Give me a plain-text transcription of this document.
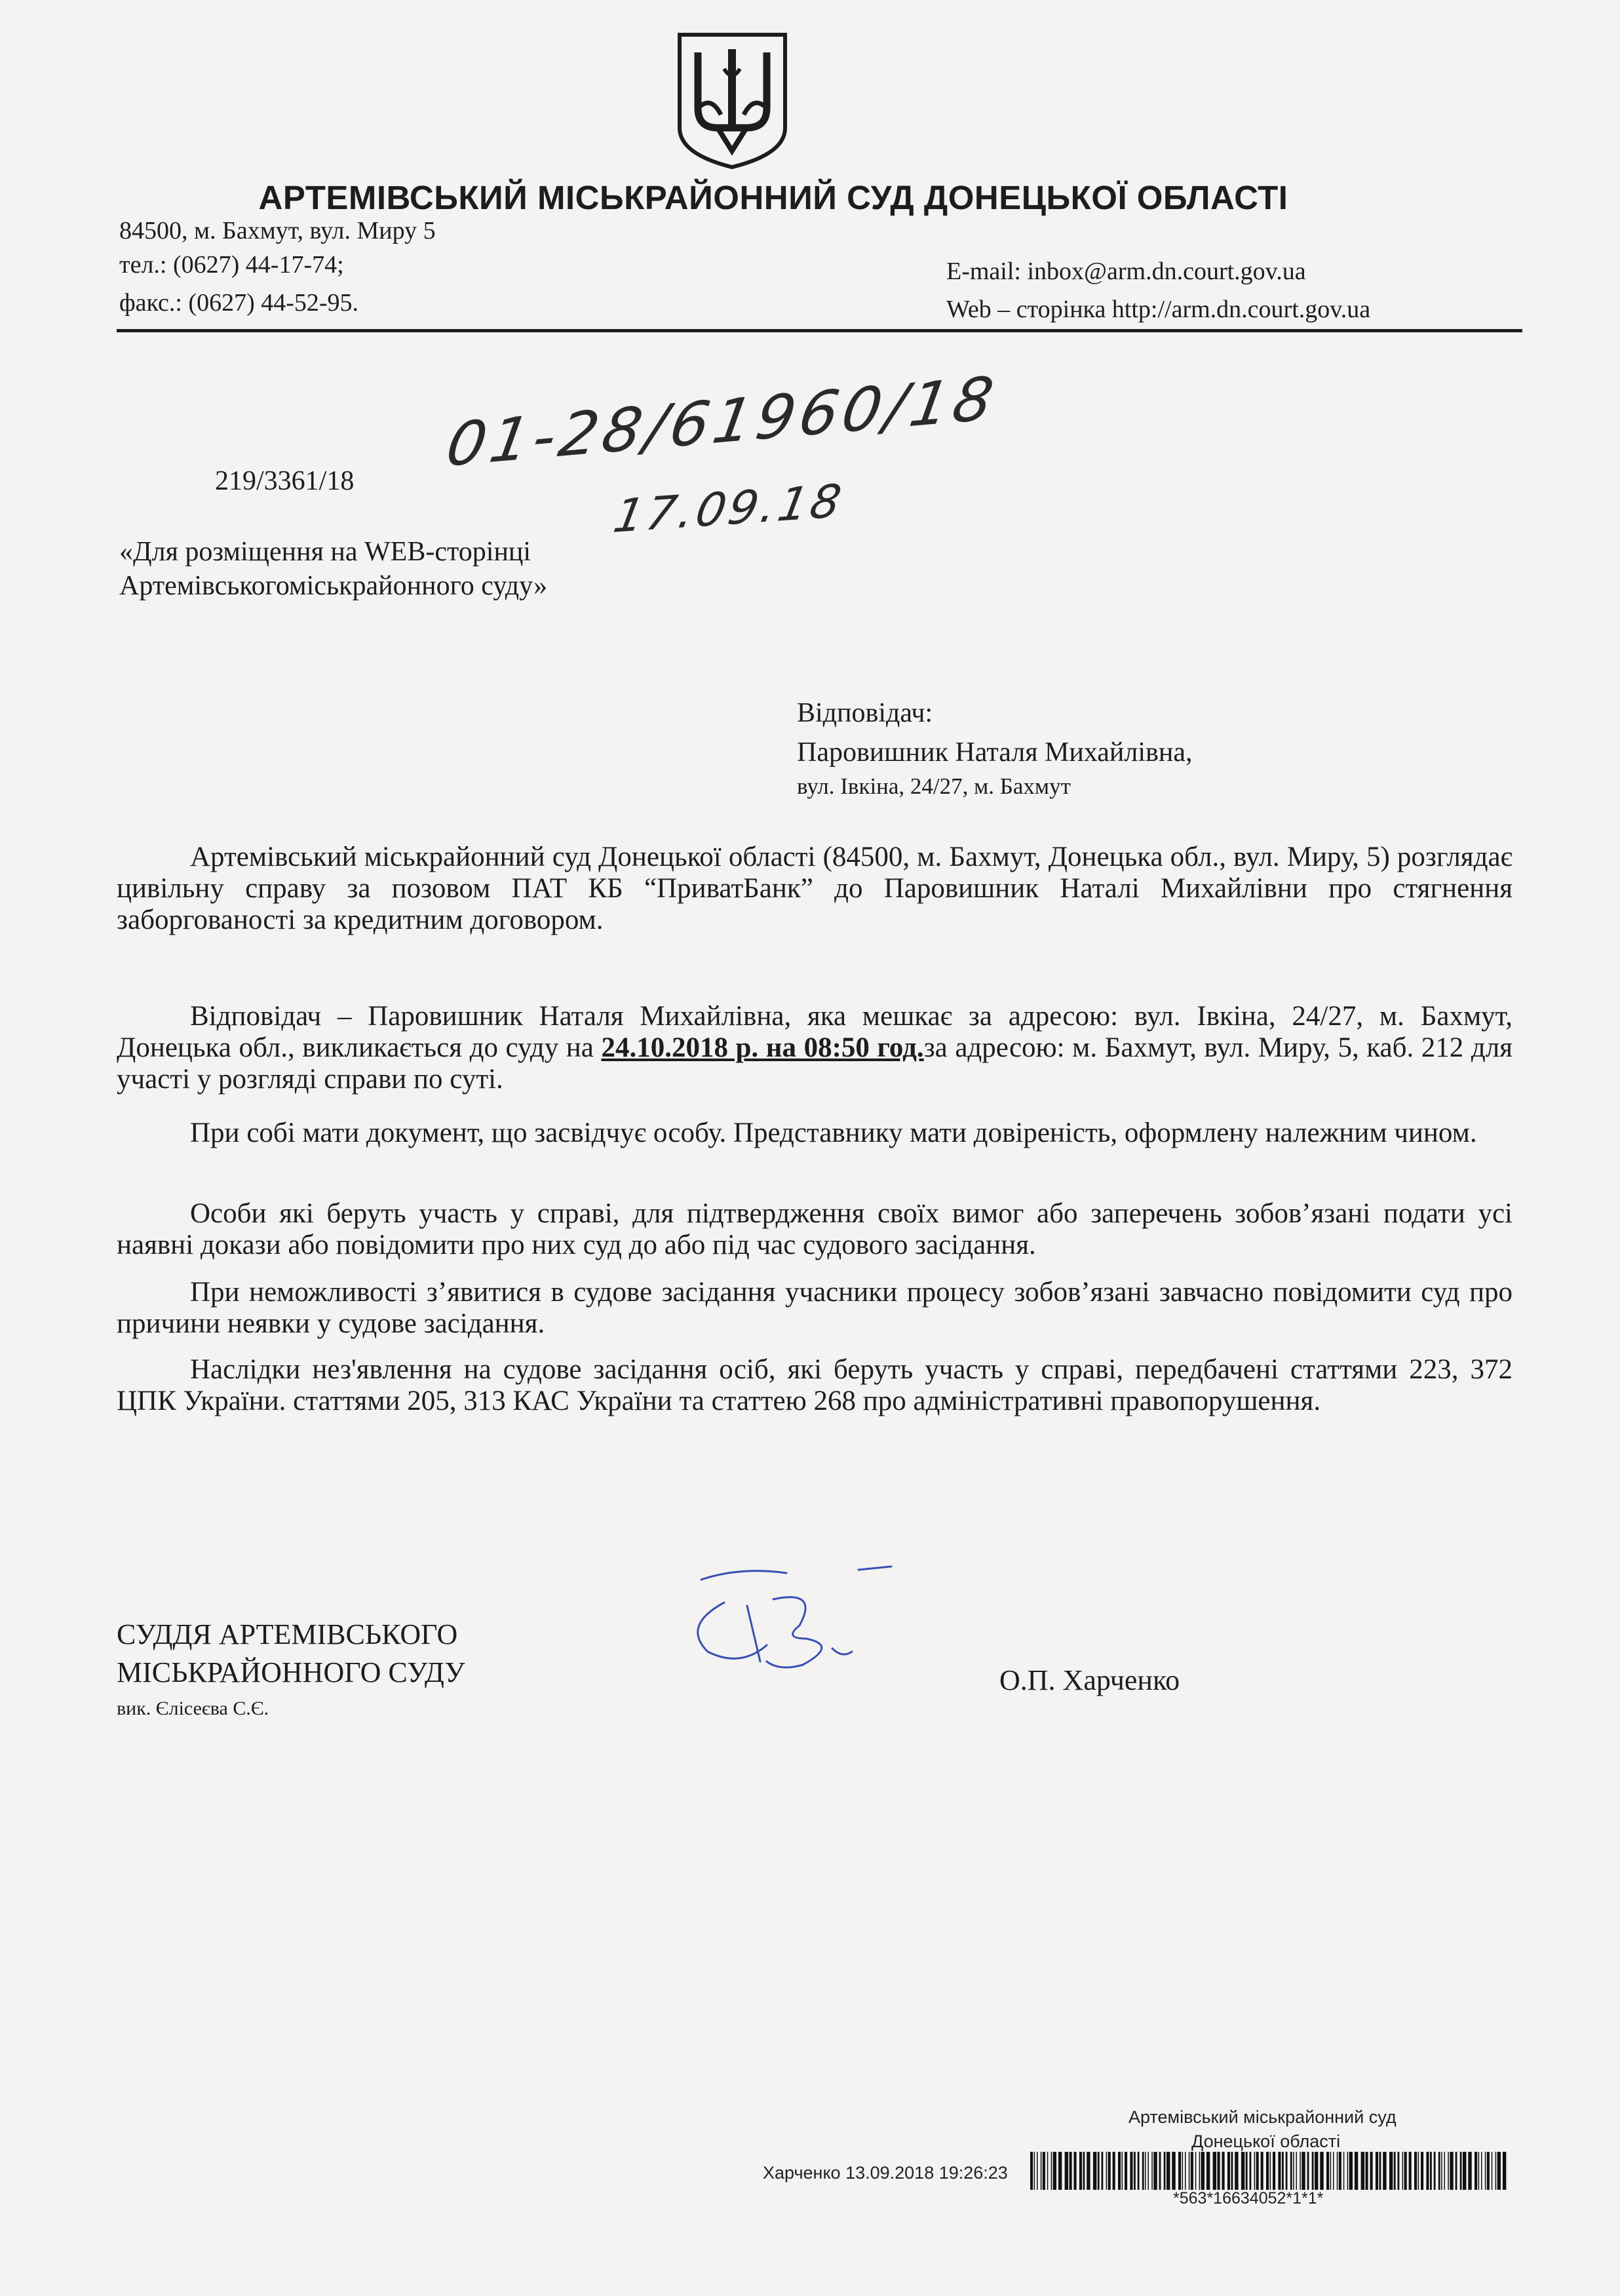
АРТЕМІВСЬКИЙ МІСЬКРАЙОННИЙ СУД ДОНЕЦЬКОЇ ОБЛАСТІ
84500, м. Бахмут, вул. Миру 5
тел.: (0627) 44-17-74;
факс.: (0627) 44-52-95.
E-mail: inbox@arm.dn.court.gov.ua
Web – сторінка http://arm.dn.court.gov.ua
01-28/61960/18
17.09.18
219/3361/18
«Для розміщення на WEB-сторінці
Артемівськогоміськрайонного суду»
Відповідач:
Паровишник Наталя Михайлівна,
вул. Івкіна, 24/27, м. Бахмут
Артемівський міськрайонний суд Донецької області (84500, м. Бахмут, Донецька обл., вул. Миру, 5) розглядає цивільну справу за позовом ПАТ КБ “ПриватБанк” до Паровишник Наталі Михайлівни про стягнення заборгованості за кредитним договором.
Відповідач – Паровишник Наталя Михайлівна, яка мешкає за адресою: вул. Івкіна, 24/27, м. Бахмут, Донецька обл., викликається до суду на 24.10.2018 р. на 08:50 год.за адресою: м. Бахмут, вул. Миру, 5, каб. 212 для участі у розгляді справи по суті.
При собі мати документ, що засвідчує особу. Представнику мати довіреність, оформлену належним чином.
Особи які беруть участь у справі, для підтвердження своїх вимог або заперечень зобов’язані подати усі наявні докази або повідомити про них суд до або під час судового засідання.
При неможливості з’явитися в судове засідання учасники процесу зобов’язані завчасно повідомити суд про причини неявки у судове засідання.
Наслідки нез'явлення на судове засідання осіб, які беруть участь у справі, передбачені статтями 223, 372 ЦПК України. статтями 205, 313 КАС України та статтею 268 про адміністративні правопорушення.
СУДДЯ АРТЕМІВСЬКОГО
МІСЬКРАЙОННОГО СУДУ
вик. Єлісеєва С.Є.
О.П. Харченко
Артемівський міськрайонний суд
Донецької області
Харченко 13.09.2018 19:26:23
*563*16634052*1*1*
